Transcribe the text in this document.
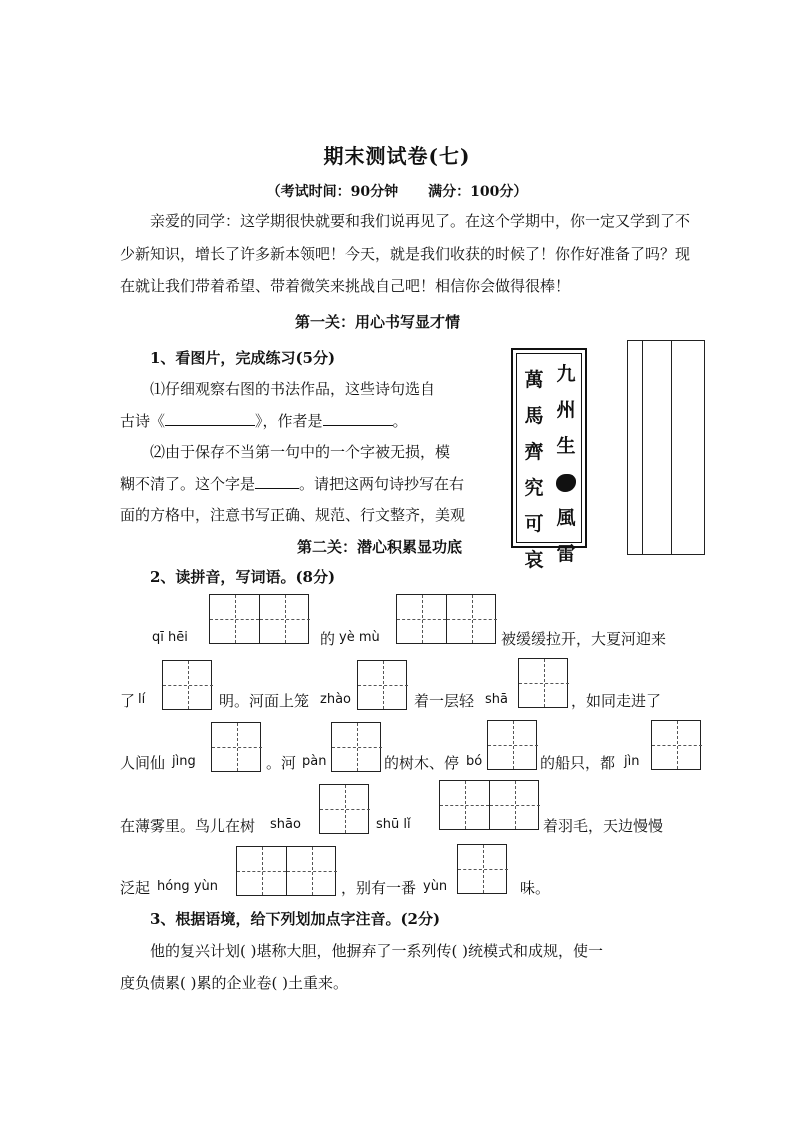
期末测试卷(七)
（考试时间：90分钟 满分：100分）
亲爱的同学：这学期很快就要和我们说再见了。在这个学期中，你一定又学到了不
少新知识，增长了许多新本领吧！今天，就是我们收获的时候了！你作好准备了吗？现
在就让我们带着希望、带着微笑来挑战自己吧！相信你会做得很棒！
第一关：用心书写显才情
1、看图片，完成练习(5分)
⑴仔细观察右图的书法作品，这些诗句选自
古诗《	》，作者是	。
⑵由于保存不当第一句中的一个字被无损，模
糊不清了。这个字是	。请把这两句诗抄写在右
面的方格中，注意书写正确、规范、行文整齐，美观
九
州
生
風
雷
萬
馬
齊
究
可
哀
第二关：潜心积累显功底
2、读拼音，写词语。(8分)
qī hēi	的 yè mù	被缓缓拉开，大夏河迎来
了 lí	明。河面上笼 zhào	着一层轻 shā	，如同走进了
人间仙 jìng	。河 pàn	的树木、停 bó	的船只，都 jìn
在薄雾里。鸟儿在树 shāo	shū lǐ	着羽毛，天边慢慢
泛起 hóng yùn	，别有一番 yùn	味。
3、根据语境，给下列划加点字注音。(2分)
他的复兴计划( )堪称大胆，他摒弃了一系列传( )统模式和成规，使一
度负债累( )累的企业卷( )土重来。
